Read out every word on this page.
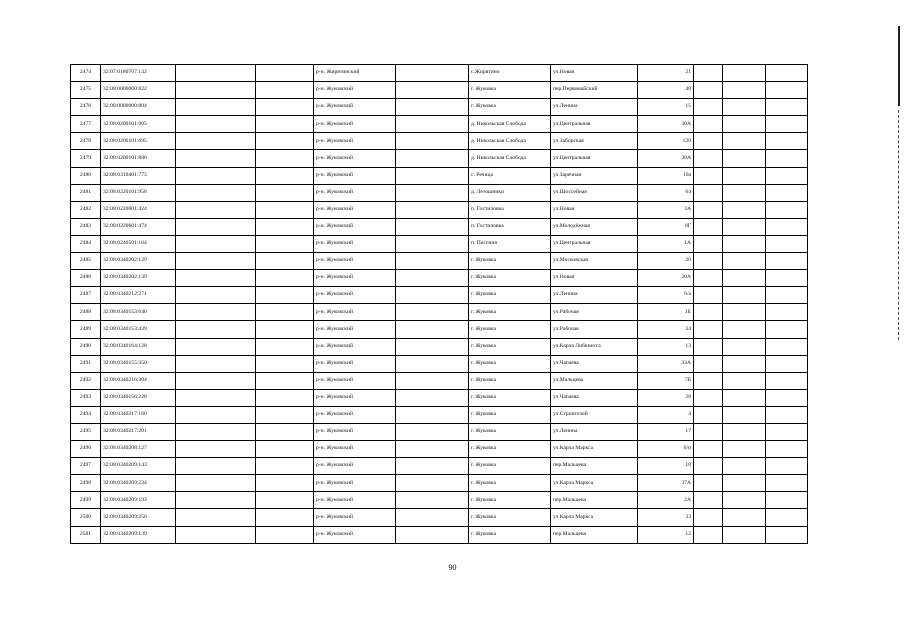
2474	32:07:0180707:132			р-н. Жирятинский		с.Жирятино	ул.Новая	21			
2475	32:08:0000000:822			р-н. Жуковский		г. Жуковка	пер.Первомайский	40			
2476	32:08:0000000:804			р-н. Жуковский		г. Жуковка	ул.Ленина	15			
2477	32:08:0200101:905			р-н. Жуковский		д. Никольская Слобода	ул.Центральная	30А			
2478	32:08:0200101:695			р-н. Жуковский		д. Никольская Слобода	ул.Заборская	120			
2479	32:08:0200101:886			р-н. Жуковский		д. Никольская Слобода	ул.Центральная	30А			
2480	32:08:0310401:773			р-н. Жуковский		с. Речица	ул.Заречная	10а			
2481	32:08:0220101:958			р-н. Жуковский		д. Летошники	ул.Шоссейная	64			
2482	32:08:0220001:424			р-н. Жуковский		п. Гостиловка	ул.Новая	3А			
2483	32:08:0220601:474			р-н. Жуковский		п. Гостиловка	ул.Молодёжная	8Г			
2484	32:08:0240501:164			р-н. Жуковский		п. Песочня	ул.Центральная	1А			
2485	32:08:0340202:129			р-н. Жуковский		г. Жуковка	ул.Московская	20			
2486	32:08:0340202:139			р-н. Жуковский		г. Жуковка	ул.Новая	20А			
2487	32:08:0340212:271			р-н. Жуковский		г. Жуковка	ул.Ленина	6/а			
2488	32:08:0340153:640			р-н. Жуковский		г. Жуковка	ул.Рабочая	1Е			
2489	32:08:0340153:439			р-н. Жуковский		г. Жуковка	ул.Рабочая	34			
2490	32:08:0340164:128			р-н. Жуковский		г. Жуковка	ул.Карла Либкнехта	13			
2491	32:08:0340155:350			р-н. Жуковский		г. Жуковка	ул.Чапаева	33А			
2492	32:08:0340216:304			р-н. Жуковский		г. Жуковка	ул.Мальцева	7Б			
2493	32:08:0340156:228			р-н. Жуковский		г. Жуковка	ул.Чапаева	28			
2494	32:08:0340217:160			р-н. Жуковский		г. Жуковка	ул.Строителей	4			
2495	32:08:0340217:201			р-н. Жуковский		г. Жуковка	ул.Ленина	17			
2496	32:08:0340208:127			р-н. Жуковский		г. Жуковка	ул.Карла Маркса	6/п			
2497	32:08:0340209:143			р-н. Жуковский		г. Жуковка	пер.Мальцева	10			
2498	32:08:0340209:234			р-н. Жуковский		г. Жуковка	ул.Карла Маркса	37А			
2499	32:08:0340209:193			р-н. Жуковский		г. Жуковка	пер.Мальцева	2А			
2500	32:08:0340209:256			р-н. Жуковский		г. Жуковка	ул.Карла Маркса	33			
2501	32:08:0340209:139			р-н. Жуковский		г. Жуковка	пер.Мальцева	12			
90
